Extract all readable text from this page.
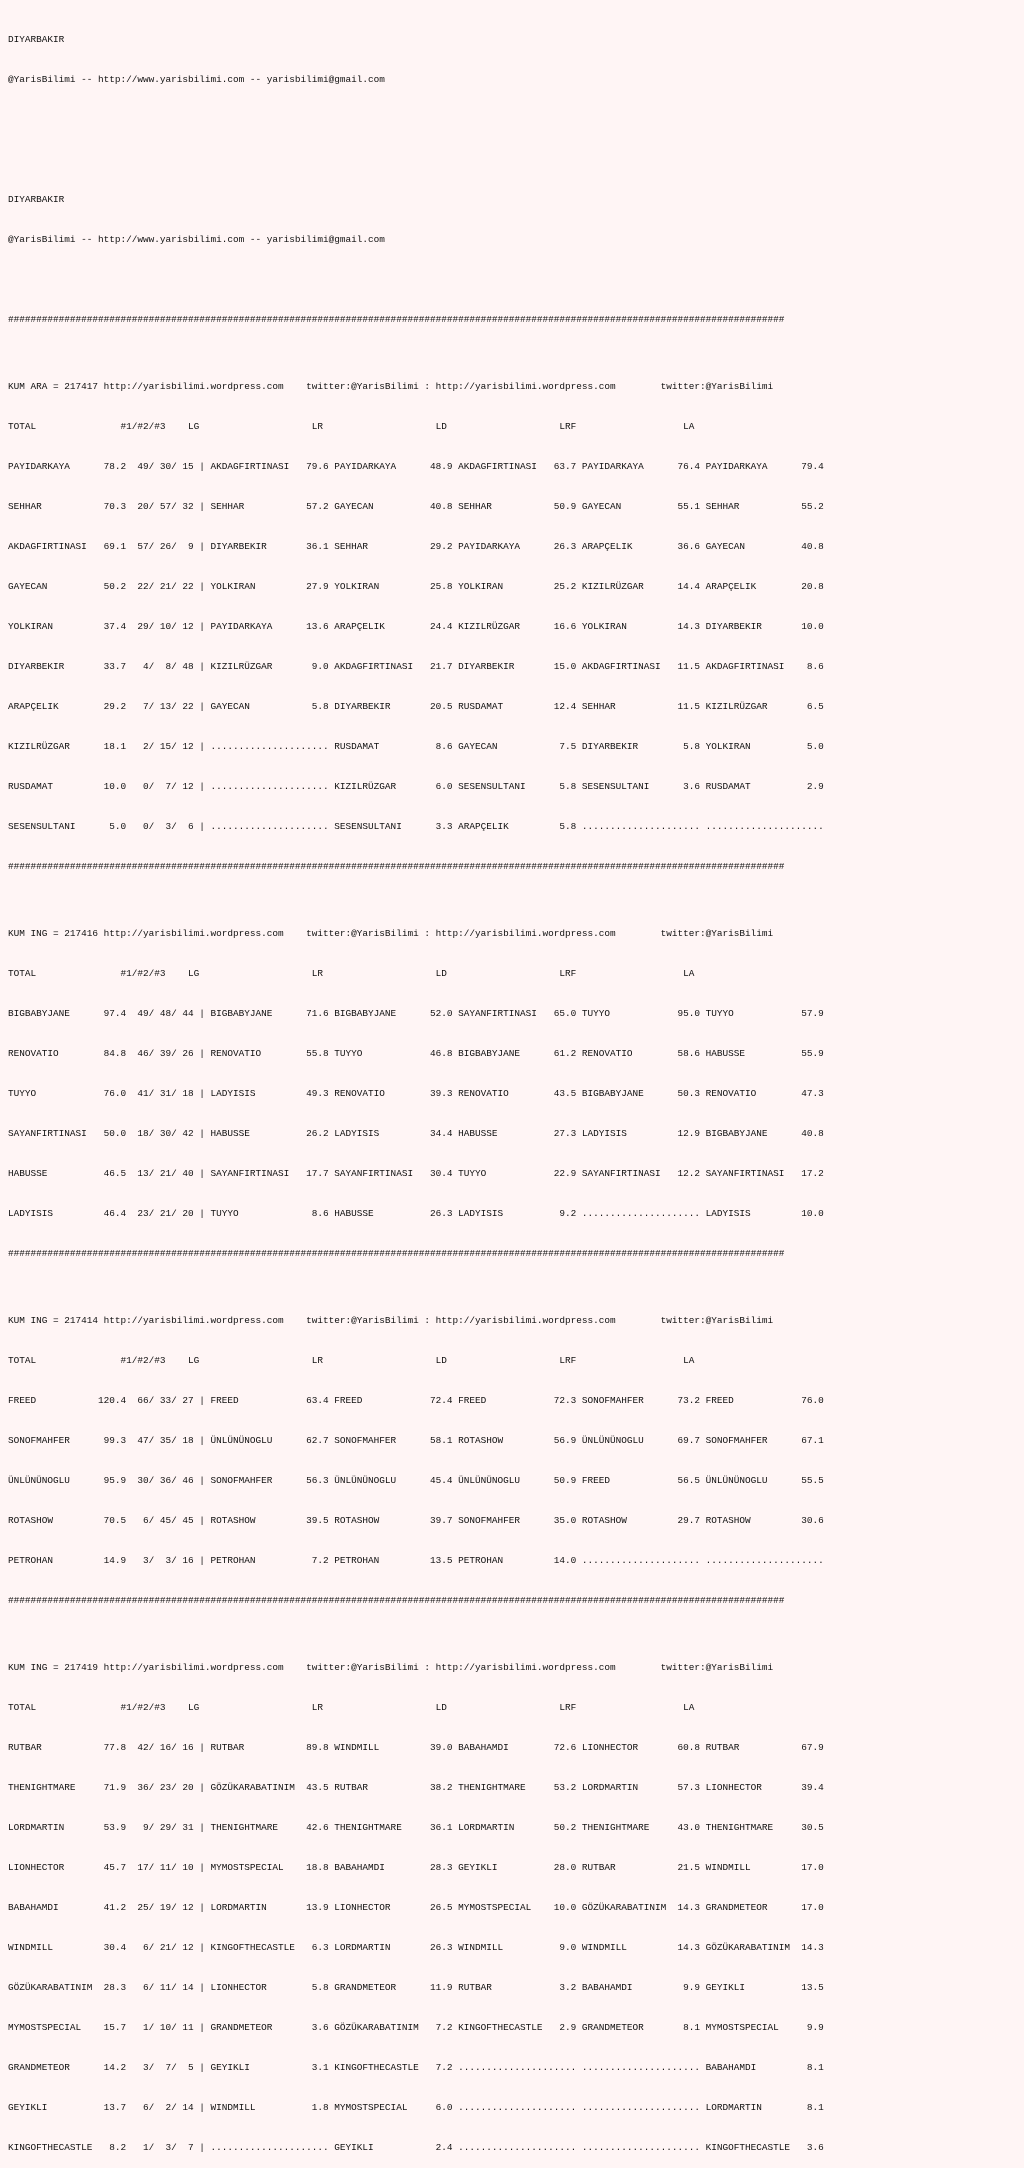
DIYARBAKIR

@YarisBilimi -- http://www.yarisbilimi.com -- yarisbilimi@gmail.com

DIYARBAKIR

@YarisBilimi -- http://www.yarisbilimi.com -- yarisbilimi@gmail.com

##########################################################################################################################################

KUM ARA = 217417 http://yarisbilimi.wordpress.com    twitter:@YarisBilimi : http://yarisbilimi.wordpress.com        twitter:@YarisBilimi

TOTAL               #1/#2/#3    LG                    LR                    LD                    LRF                   LA

PAYIDARKAYA      78.2  49/ 30/ 15 | AKDAGFIRTINASI   79.6 PAYIDARKAYA      48.9 AKDAGFIRTINASI   63.7 PAYIDARKAYA      76.4 PAYIDARKAYA      79.4

SEHHAR           70.3  20/ 57/ 32 | SEHHAR           57.2 GAYECAN          40.8 SEHHAR           50.9 GAYECAN          55.1 SEHHAR           55.2

AKDAGFIRTINASI   69.1  57/ 26/  9 | DIYARBEKIR       36.1 SEHHAR           29.2 PAYIDARKAYA      26.3 ARAPÇELIK        36.6 GAYECAN          40.8

GAYECAN          50.2  22/ 21/ 22 | YOLKIRAN         27.9 YOLKIRAN         25.8 YOLKIRAN         25.2 KIZILRÜZGAR      14.4 ARAPÇELIK        20.8

YOLKIRAN         37.4  29/ 10/ 12 | PAYIDARKAYA      13.6 ARAPÇELIK        24.4 KIZILRÜZGAR      16.6 YOLKIRAN         14.3 DIYARBEKIR       10.0

DIYARBEKIR       33.7   4/  8/ 48 | KIZILRÜZGAR       9.0 AKDAGFIRTINASI   21.7 DIYARBEKIR       15.0 AKDAGFIRTINASI   11.5 AKDAGFIRTINASI    8.6

ARAPÇELIK        29.2   7/ 13/ 22 | GAYECAN           5.8 DIYARBEKIR       20.5 RUSDAMAT         12.4 SEHHAR           11.5 KIZILRÜZGAR       6.5

KIZILRÜZGAR      18.1   2/ 15/ 12 | ..................... RUSDAMAT          8.6 GAYECAN           7.5 DIYARBEKIR        5.8 YOLKIRAN          5.0

RUSDAMAT         10.0   0/  7/ 12 | ..................... KIZILRÜZGAR       6.0 SESENSULTANI      5.8 SESENSULTANI      3.6 RUSDAMAT          2.9

SESENSULTANI      5.0   0/  3/  6 | ..................... SESENSULTANI      3.3 ARAPÇELIK         5.8 ..................... .....................

##########################################################################################################################################

KUM ING = 217416 http://yarisbilimi.wordpress.com    twitter:@YarisBilimi : http://yarisbilimi.wordpress.com        twitter:@YarisBilimi

TOTAL               #1/#2/#3    LG                    LR                    LD                    LRF                   LA

BIGBABYJANE      97.4  49/ 48/ 44 | BIGBABYJANE      71.6 BIGBABYJANE      52.0 SAYANFIRTINASI   65.0 TUYYO            95.0 TUYYO            57.9

RENOVATIO        84.8  46/ 39/ 26 | RENOVATIO        55.8 TUYYO            46.8 BIGBABYJANE      61.2 RENOVATIO        58.6 HABUSSE          55.9

TUYYO            76.0  41/ 31/ 18 | LADYISIS         49.3 RENOVATIO        39.3 RENOVATIO        43.5 BIGBABYJANE      50.3 RENOVATIO        47.3

SAYANFIRTINASI   50.0  18/ 30/ 42 | HABUSSE          26.2 LADYISIS         34.4 HABUSSE          27.3 LADYISIS         12.9 BIGBABYJANE      40.8

HABUSSE          46.5  13/ 21/ 40 | SAYANFIRTINASI   17.7 SAYANFIRTINASI   30.4 TUYYO            22.9 SAYANFIRTINASI   12.2 SAYANFIRTINASI   17.2

LADYISIS         46.4  23/ 21/ 20 | TUYYO             8.6 HABUSSE          26.3 LADYISIS          9.2 ..................... LADYISIS         10.0

##########################################################################################################################################

KUM ING = 217414 http://yarisbilimi.wordpress.com    twitter:@YarisBilimi : http://yarisbilimi.wordpress.com        twitter:@YarisBilimi

TOTAL               #1/#2/#3    LG                    LR                    LD                    LRF                   LA

FREED           120.4  66/ 33/ 27 | FREED            63.4 FREED            72.4 FREED            72.3 SONOFMAHFER      73.2 FREED            76.0

SONOFMAHFER      99.3  47/ 35/ 18 | ÜNLÜNÜNOGLU      62.7 SONOFMAHFER      58.1 ROTASHOW         56.9 ÜNLÜNÜNOGLU      69.7 SONOFMAHFER      67.1

ÜNLÜNÜNOGLU      95.9  30/ 36/ 46 | SONOFMAHFER      56.3 ÜNLÜNÜNOGLU      45.4 ÜNLÜNÜNOGLU      50.9 FREED            56.5 ÜNLÜNÜNOGLU      55.5

ROTASHOW         70.5   6/ 45/ 45 | ROTASHOW         39.5 ROTASHOW         39.7 SONOFMAHFER      35.0 ROTASHOW         29.7 ROTASHOW         30.6

PETROHAN         14.9   3/  3/ 16 | PETROHAN          7.2 PETROHAN         13.5 PETROHAN         14.0 ..................... .....................

##########################################################################################################################################

KUM ING = 217419 http://yarisbilimi.wordpress.com    twitter:@YarisBilimi : http://yarisbilimi.wordpress.com        twitter:@YarisBilimi

TOTAL               #1/#2/#3    LG                    LR                    LD                    LRF                   LA

RUTBAR           77.8  42/ 16/ 16 | RUTBAR           89.8 WINDMILL         39.0 BABAHAMDI        72.6 LIONHECTOR       60.8 RUTBAR           67.9

THENIGHTMARE     71.9  36/ 23/ 20 | GÖZÜKARABATINIM  43.5 RUTBAR           38.2 THENIGHTMARE     53.2 LORDMARTIN       57.3 LIONHECTOR       39.4

LORDMARTIN       53.9   9/ 29/ 31 | THENIGHTMARE     42.6 THENIGHTMARE     36.1 LORDMARTIN       50.2 THENIGHTMARE     43.0 THENIGHTMARE     30.5

LIONHECTOR       45.7  17/ 11/ 10 | MYMOSTSPECIAL    18.8 BABAHAMDI        28.3 GEYIKLI          28.0 RUTBAR           21.5 WINDMILL         17.0

BABAHAMDI        41.2  25/ 19/ 12 | LORDMARTIN       13.9 LIONHECTOR       26.5 MYMOSTSPECIAL    10.0 GÖZÜKARABATINIM  14.3 GRANDMETEOR      17.0

WINDMILL         30.4   6/ 21/ 12 | KINGOFTHECASTLE   6.3 LORDMARTIN       26.3 WINDMILL          9.0 WINDMILL         14.3 GÖZÜKARABATINIM  14.3

GÖZÜKARABATINIM  28.3   6/ 11/ 14 | LIONHECTOR        5.8 GRANDMETEOR      11.9 RUTBAR            3.2 BABAHAMDI         9.9 GEYIKLI          13.5

MYMOSTSPECIAL    15.7   1/ 10/ 11 | GRANDMETEOR       3.6 GÖZÜKARABATINIM   7.2 KINGOFTHECASTLE   2.9 GRANDMETEOR       8.1 MYMOSTSPECIAL     9.9

GRANDMETEOR      14.2   3/  7/  5 | GEYIKLI           3.1 KINGOFTHECASTLE   7.2 ..................... ..................... BABAHAMDI         8.1

GEYIKLI          13.7   6/  2/ 14 | WINDMILL          1.8 MYMOSTSPECIAL     6.0 ..................... ..................... LORDMARTIN        8.1

KINGOFTHECASTLE   8.2   1/  3/  7 | ..................... GEYIKLI           2.4 ..................... ..................... KINGOFTHECASTLE   3.6
